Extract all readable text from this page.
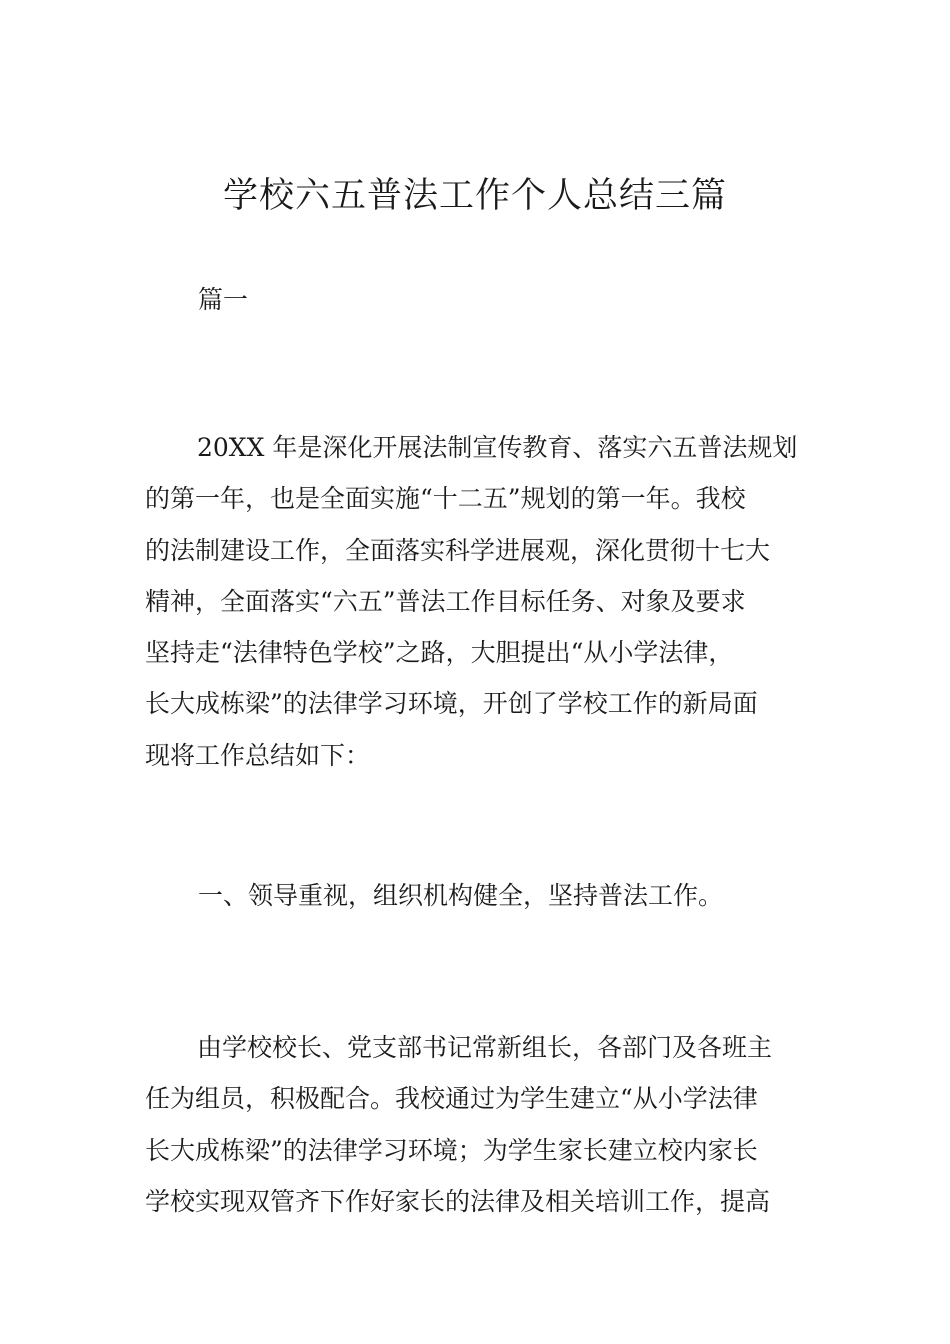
学校六五普法工作个人总结三篇
篇一
20XX 年是深化开展法制宣传教育、落实六五普法规划
的第一年，也是全面实施“十二五”规划的第一年。我校
的法制建设工作，全面落实科学进展观，深化贯彻十七大
精神，全面落实“六五”普法工作目标任务、对象及要求
坚持走“法律特色学校”之路，大胆提出“从小学法律，
长大成栋梁”的法律学习环境，开创了学校工作的新局面
现将工作总结如下：
一、领导重视，组织机构健全，坚持普法工作。
由学校校长、党支部书记常新组长，各部门及各班主
任为组员，积极配合。我校通过为学生建立“从小学法律
长大成栋梁”的法律学习环境；为学生家长建立校内家长
学校实现双管齐下作好家长的法律及相关培训工作，提高
